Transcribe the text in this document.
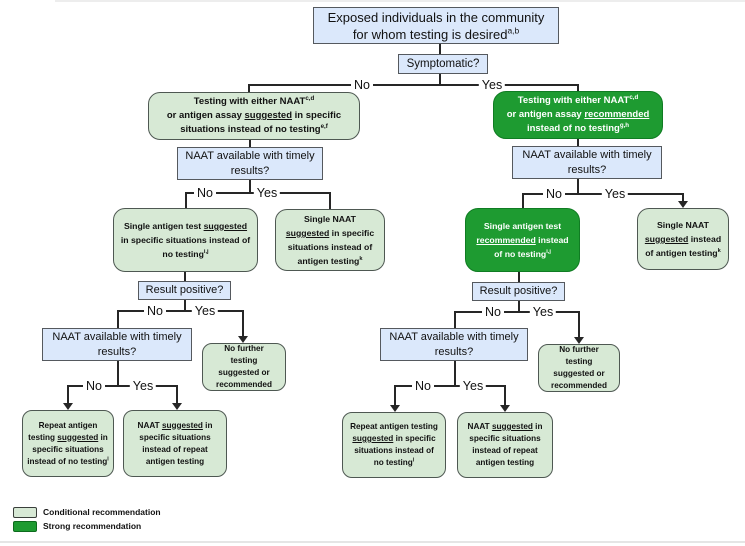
No	Yes
No	Yes	No	Yes
No	Yes	No	Yes
No Yes	No	Yes
Exposed individuals in the community
for whom testing is desired$^{a,b}$
Symptomatic?
Testing with either NAAT$^{c,d}$
or antigen assay suggested in specific
situations instead of no testing$^{e,f}$
Testing with either NAAT$^{c,d}$
or antigen assay recommended
instead of no testing$^{g,h}$
NAAT available with timely
results?
NAAT available with timely
results?
Single antigen test suggested
in specific situations instead of
no testing$^{i,j}$
Single NAAT
suggested in specific
situations instead of
antigen testing$^k$
Single antigen test
recommended instead
of no testing$^{i,j}$
Single NAAT
suggested instead
of antigen testing$^k$
Result positive?	Result positive?
NAAT available with timely
results?
NAAT available with timely
results?
No further
testing
suggested or
recommended
No further
testing
suggested or
recommended
Repeat antigen
testing suggested in
specific situations
instead of no testing$^l$
NAAT suggested in
specific situations
instead of repeat
antigen testing
Repeat antigen testing
suggested in specific
situations instead of
no testing$^l$
NAAT suggested in
specific situations
instead of repeat
antigen testing
Conditional recommendation
Strong recommendation
